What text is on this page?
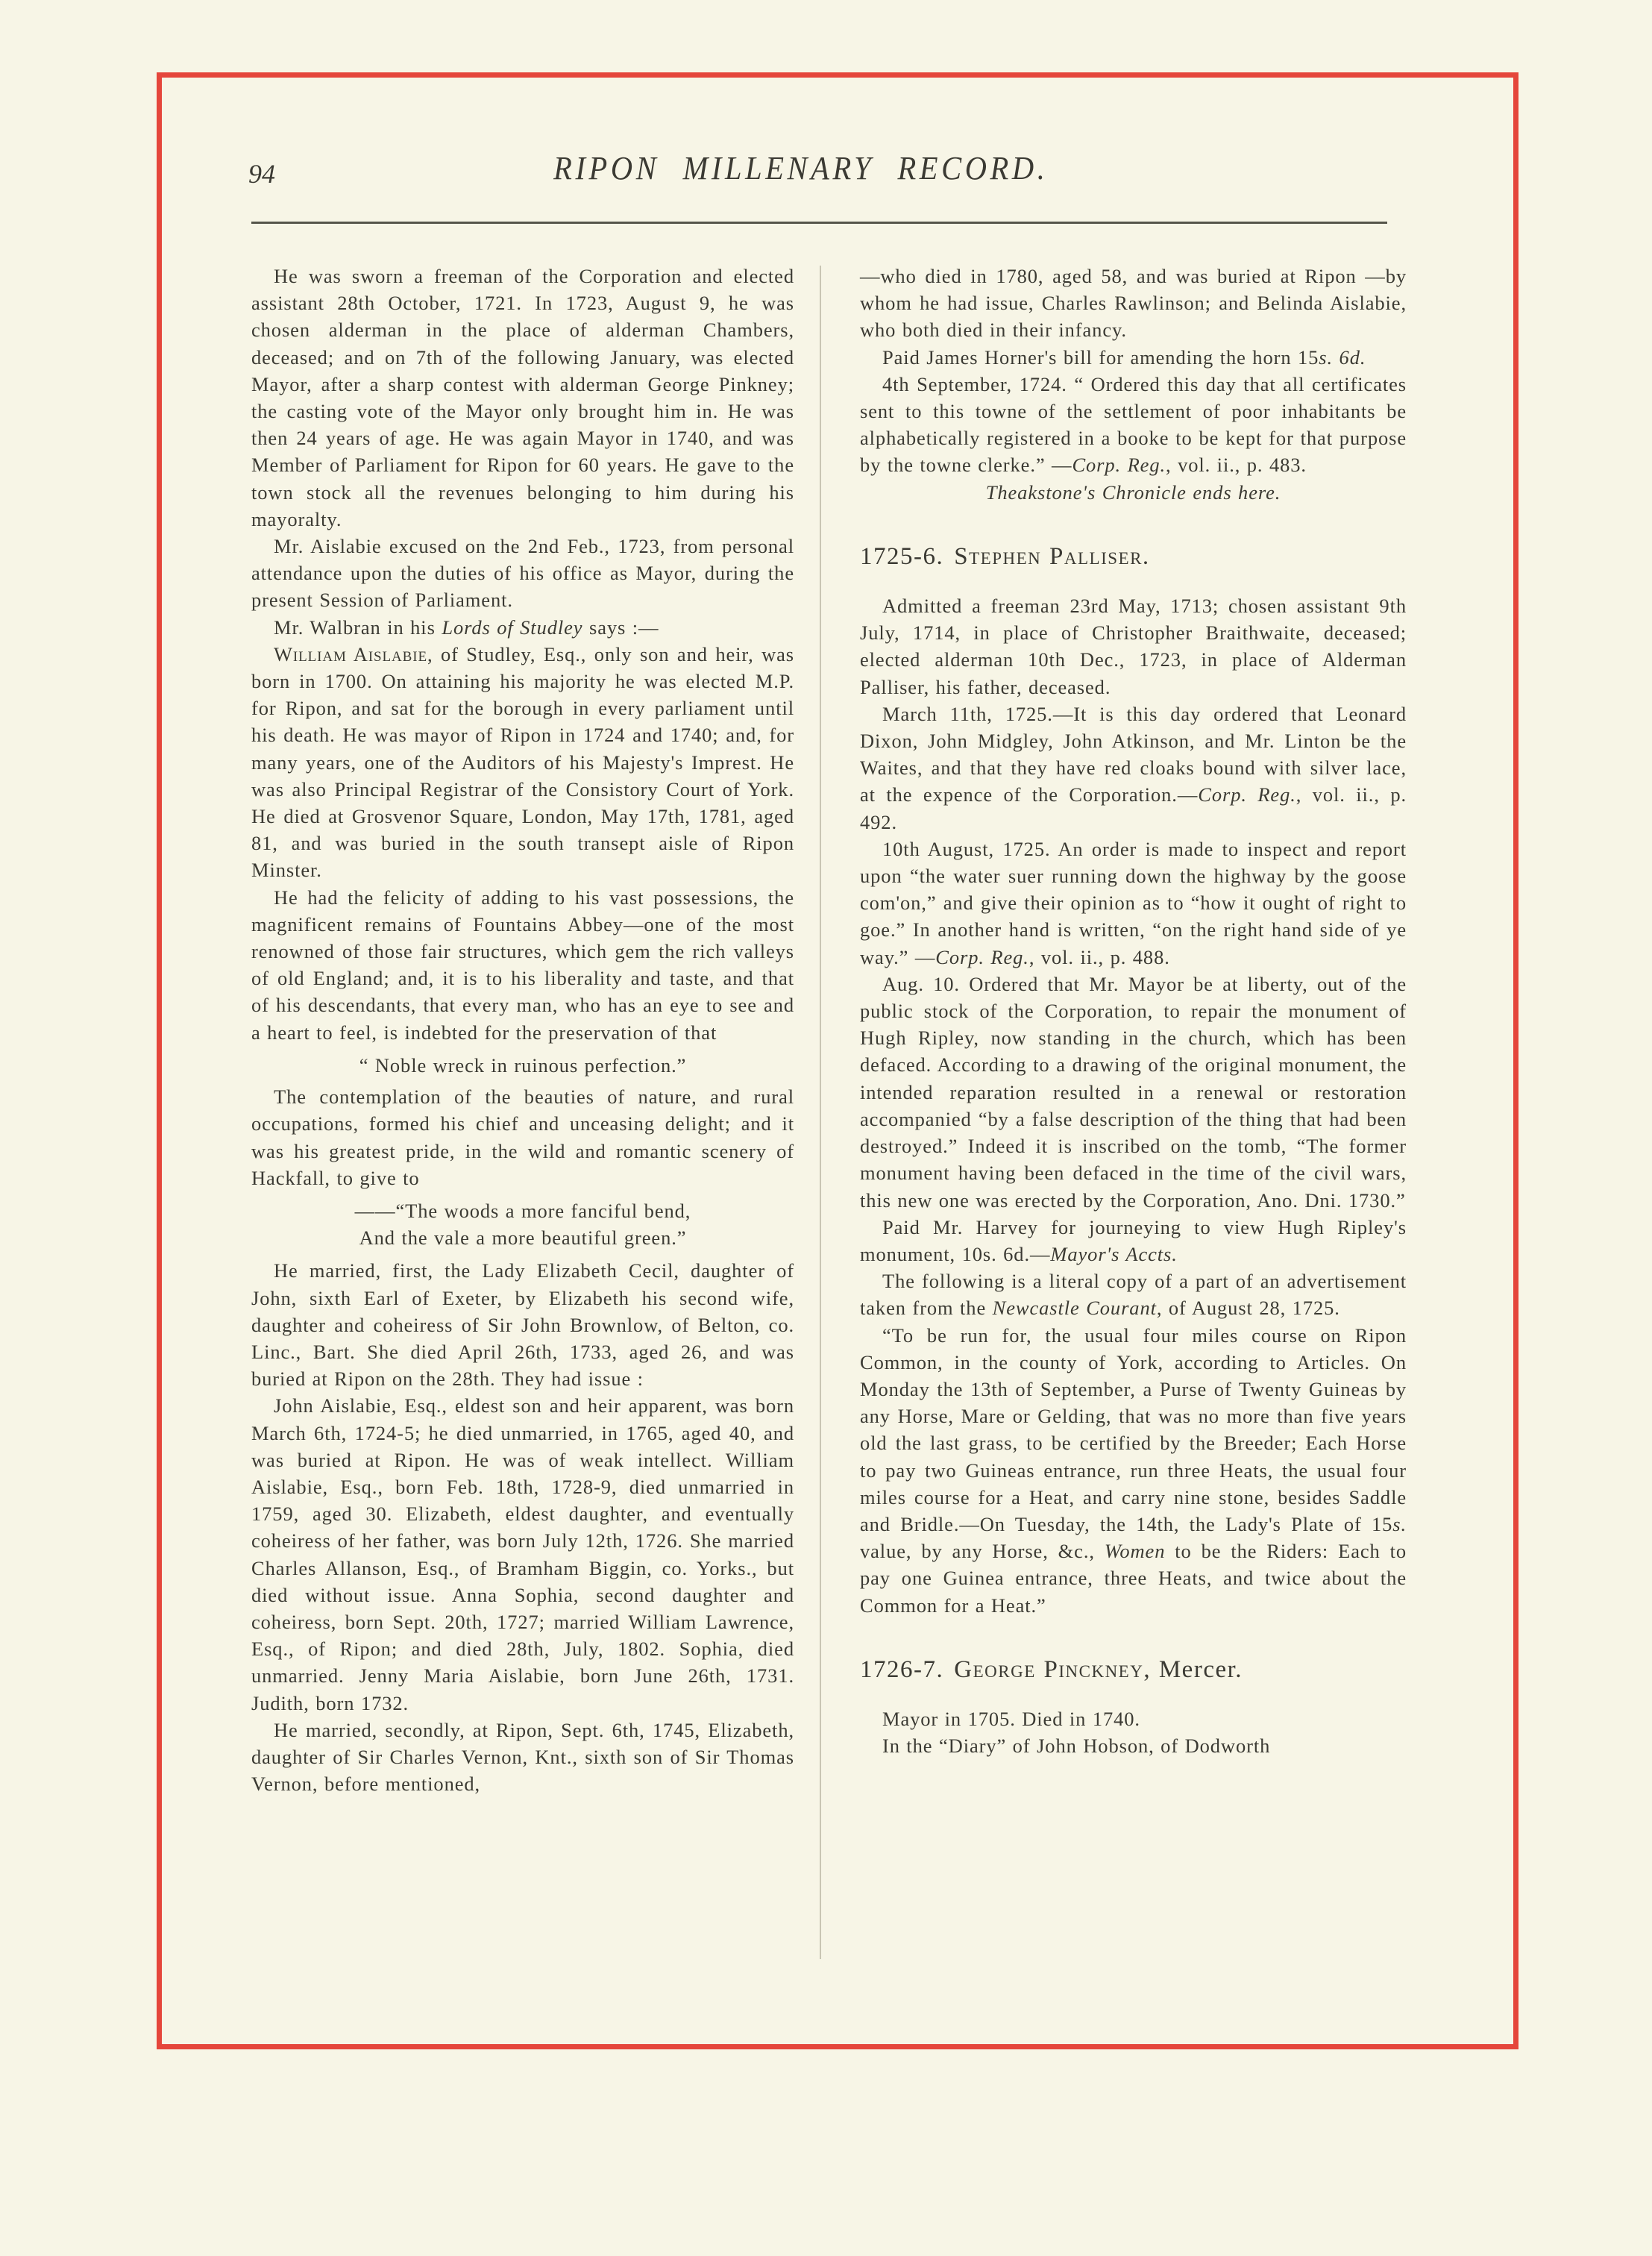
94	RIPON MILLENARY RECORD.

He was sworn a freeman of the Corporation and elected assistant 28th October, 1721. In 1723, August 9, he was chosen alderman in the place of alderman Chambers, deceased; and on 7th of the following January, was elected Mayor, after a sharp contest with alderman George Pinkney; the casting vote of the Mayor only brought him in. He was then 24 years of age. He was again Mayor in 1740, and was Member of Parliament for Ripon for 60 years. He gave to the town stock all the revenues belonging to him during his mayoralty.

Mr. Aislabie excused on the 2nd Feb., 1723, from personal attendance upon the duties of his office as Mayor, during the present Session of Parliament.

Mr. Walbran in his Lords of Studley says :—

William Aislabie, of Studley, Esq., only son and heir, was born in 1700. On attaining his majority he was elected M.P. for Ripon, and sat for the borough in every parliament until his death. He was mayor of Ripon in 1724 and 1740; and, for many years, one of the Auditors of his Majesty's Imprest. He was also Principal Registrar of the Consistory Court of York. He died at Grosvenor Square, London, May 17th, 1781, aged 81, and was buried in the south transept aisle of Ripon Minster.

He had the felicity of adding to his vast possessions, the magnificent remains of Fountains Abbey—one of the most renowned of those fair structures, which gem the rich valleys of old England; and, it is to his liberality and taste, and that of his descendants, that every man, who has an eye to see and a heart to feel, is indebted for the preservation of that

“ Noble wreck in ruinous perfection.”

The contemplation of the beauties of nature, and rural occupations, formed his chief and unceasing delight; and it was his greatest pride, in the wild and romantic scenery of Hackfall, to give to

——“The woods a more fanciful bend,
And the vale a more beautiful green.”

He married, first, the Lady Elizabeth Cecil, daughter of John, sixth Earl of Exeter, by Elizabeth his second wife, daughter and coheiress of Sir John Brownlow, of Belton, co. Linc., Bart. She died April 26th, 1733, aged 26, and was buried at Ripon on the 28th. They had issue :

John Aislabie, Esq., eldest son and heir apparent, was born March 6th, 1724-5; he died unmarried, in 1765, aged 40, and was buried at Ripon. He was of weak intellect. William Aislabie, Esq., born Feb. 18th, 1728-9, died unmarried in 1759, aged 30. Elizabeth, eldest daughter, and eventually coheiress of her father, was born July 12th, 1726. She married Charles Allanson, Esq., of Bramham Biggin, co. Yorks., but died without issue. Anna Sophia, second daughter and coheiress, born Sept. 20th, 1727; married William Lawrence, Esq., of Ripon; and died 28th, July, 1802. Sophia, died unmarried. Jenny Maria Aislabie, born June 26th, 1731. Judith, born 1732.

He married, secondly, at Ripon, Sept. 6th, 1745, Elizabeth, daughter of Sir Charles Vernon, Knt., sixth son of Sir Thomas Vernon, before mentioned,

—who died in 1780, aged 58, and was buried at Ripon —by whom he had issue, Charles Rawlinson; and Belinda Aislabie, who both died in their infancy.

Paid James Horner's bill for amending the horn 15s. 6d.

4th September, 1724. “ Ordered this day that all certificates sent to this towne of the settlement of poor inhabitants be alphabetically registered in a booke to be kept for that purpose by the towne clerke.” —Corp. Reg., vol. ii., p. 483.

Theakstone's Chronicle ends here.

1725-6. Stephen Palliser.

Admitted a freeman 23rd May, 1713; chosen assistant 9th July, 1714, in place of Christopher Braithwaite, deceased; elected alderman 10th Dec., 1723, in place of Alderman Palliser, his father, deceased.

March 11th, 1725.—It is this day ordered that Leonard Dixon, John Midgley, John Atkinson, and Mr. Linton be the Waites, and that they have red cloaks bound with silver lace, at the expence of the Corporation.—Corp. Reg., vol. ii., p. 492.

10th August, 1725. An order is made to inspect and report upon “the water suer running down the highway by the goose com'on,” and give their opinion as to “how it ought of right to goe.” In another hand is written, “on the right hand side of ye way.” —Corp. Reg., vol. ii., p. 488.

Aug. 10. Ordered that Mr. Mayor be at liberty, out of the public stock of the Corporation, to repair the monument of Hugh Ripley, now standing in the church, which has been defaced. According to a drawing of the original monument, the intended reparation resulted in a renewal or restoration accompanied “by a false description of the thing that had been destroyed.” Indeed it is inscribed on the tomb, “The former monument having been defaced in the time of the civil wars, this new one was erected by the Corporation, Ano. Dni. 1730.”

Paid Mr. Harvey for journeying to view Hugh Ripley's monument, 10s. 6d.—Mayor's Accts.

The following is a literal copy of a part of an advertisement taken from the Newcastle Courant, of August 28, 1725.

“To be run for, the usual four miles course on Ripon Common, in the county of York, according to Articles. On Monday the 13th of September, a Purse of Twenty Guineas by any Horse, Mare or Gelding, that was no more than five years old the last grass, to be certified by the Breeder; Each Horse to pay two Guineas entrance, run three Heats, the usual four miles course for a Heat, and carry nine stone, besides Saddle and Bridle.—On Tuesday, the 14th, the Lady's Plate of 15s. value, by any Horse, &c., Women to be the Riders: Each to pay one Guinea entrance, three Heats, and twice about the Common for a Heat.”

1726-7. George Pinckney, Mercer.

Mayor in 1705. Died in 1740.

In the “Diary” of John Hobson, of Dodworth
